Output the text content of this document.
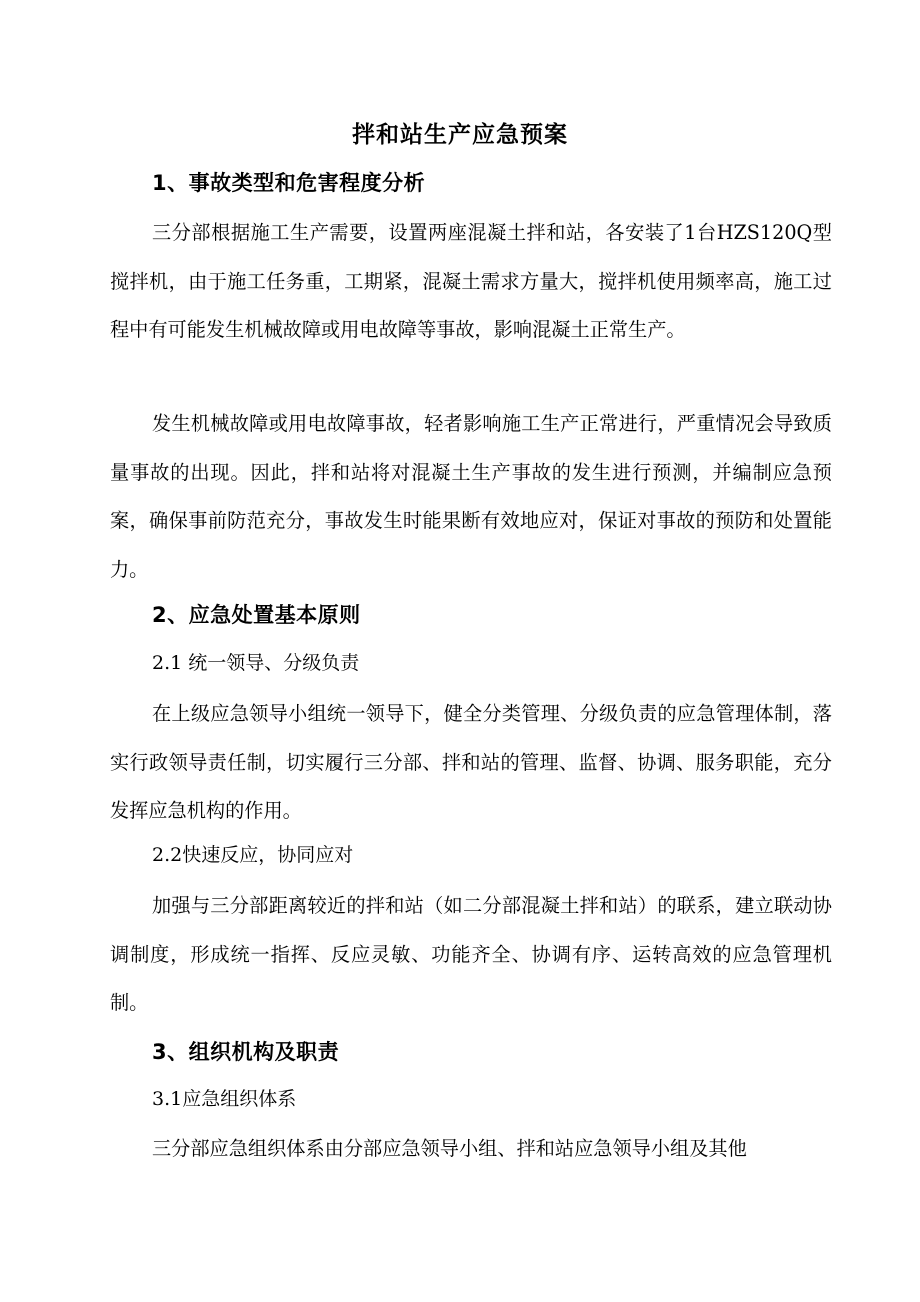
拌和站生产应急预案
1、事故类型和危害程度分析

三分部根据施工生产需要，设置两座混凝土拌和站，各安装了1台HZS120Q型搅拌机，由于施工任务重，工期紧，混凝土需求方量大，搅拌机使用频率高，施工过程中有可能发生机械故障或用电故障等事故，影响混凝土正常生产。

发生机械故障或用电故障事故，轻者影响施工生产正常进行，严重情况会导致质量事故的出现。因此，拌和站将对混凝土生产事故的发生进行预测，并编制应急预案，确保事前防范充分，事故发生时能果断有效地应对，保证对事故的预防和处置能力。

2、应急处置基本原则
2.1 统一领导、分级负责

在上级应急领导小组统一领导下，健全分类管理、分级负责的应急管理体制，落实行政领导责任制，切实履行三分部、拌和站的管理、监督、协调、服务职能，充分发挥应急机构的作用。

2.2快速反应，协同应对

加强与三分部距离较近的拌和站（如二分部混凝土拌和站）的联系，建立联动协调制度，形成统一指挥、反应灵敏、功能齐全、协调有序、运转高效的应急管理机制。

3、组织机构及职责
3.1应急组织体系

三分部应急组织体系由分部应急领导小组、拌和站应急领导小组及其他
